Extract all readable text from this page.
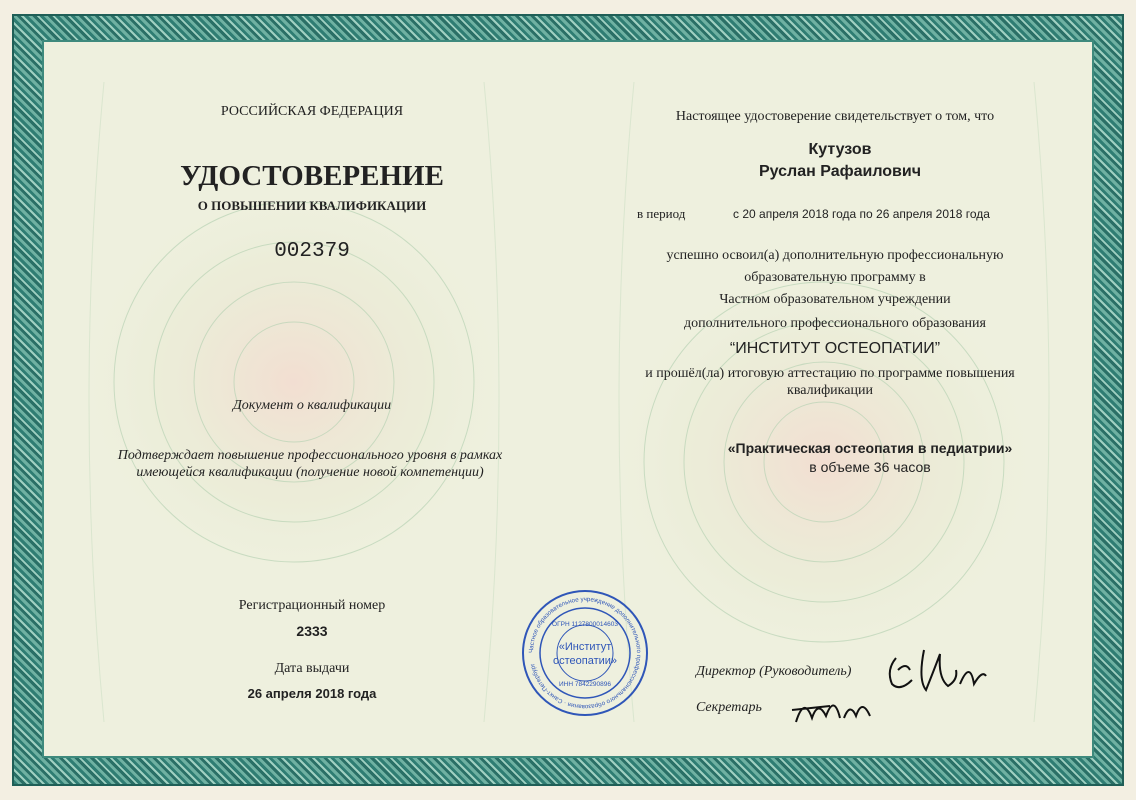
РОССИЙСКАЯ ФЕДЕРАЦИЯ
УДОСТОВЕРЕНИЕ
О ПОВЫШЕНИИ КВАЛИФИКАЦИИ
002379
Документ о квалификации
Подтверждает повышение профессионального уровня в рамках
имеющейся квалификации (получение новой компетенции)
Регистрационный номер
2333
Дата выдачи
26 апреля 2018 года
Настоящее удостоверение свидетельствует о том, что
Кутузов
Руслан Рафаилович
в период	с 20 апреля 2018 года по 26 апреля 2018 года
успешно освоил(а) дополнительную профессиональную
образовательную программу в
Частном образовательном учреждении
дополнительного профессионального образования
“ИНСТИТУТ ОСТЕОПАТИИ”
и прошёл(ла) итоговую аттестацию по программе повышения
квалификации
«Практическая остеопатия в педиатрии»
в объеме 36 часов
Директор (Руководитель)
Секретарь
Частное образовательное учреждение дополнительного профессионального образования · Санкт-Петербург
ОГРН 1127800014603
«Институт
остеопатии»
ИНН 7842290896
